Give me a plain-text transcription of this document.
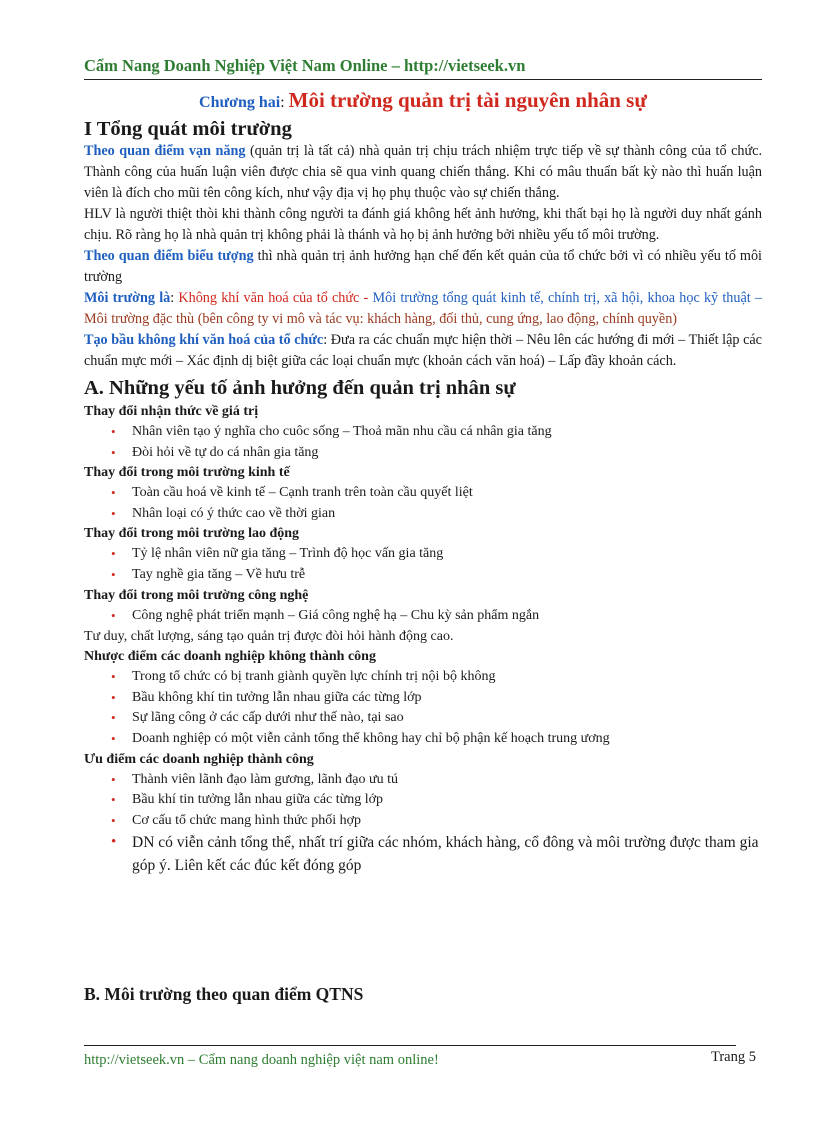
Cẩm Nang Doanh Nghiệp Việt Nam Online – http://vietseek.vn
Chương hai: Môi trường quản trị tài nguyên nhân sự
I Tổng quát môi trường

Theo quan điểm vạn năng (quản trị là tất cả) nhà quản trị chịu trách nhiệm trực tiếp về sự thành công của tổ chức. Thành công của huấn luận viên được chia sẽ qua vinh quang chiến thắng. Khi có mâu thuẩn bất kỳ nào thì huấn luận viên là đích cho mũi tên công kích, như vậy địa vị họ phụ thuộc vào sự chiến thắng.

HLV là người thiệt thòi khi thành công người ta đánh giá không hết ảnh hưởng, khi thất bại họ là người duy nhất gánh chịu. Rõ ràng họ là nhà quản trị không phải là thánh và họ bị ảnh hưởng bởi nhiều yếu tố môi trường.

Theo quan điểm biểu tượng thì nhà quản trị ảnh hưởng hạn chế đến kết quản của tổ chức bởi vì có nhiều yếu tố môi trường

Môi trường là: Không khí văn hoá của tổ chức - Môi trường tổng quát kinh tế, chính trị, xã hội, khoa học kỹ thuật – Môi trường đặc thù (bên công ty vi mô và tác vụ: khách hàng, đối thủ, cung ứng, lao động, chính quyền)

Tạo bầu không khí văn hoá của tổ chức: Đưa ra các chuẩn mực hiện thời – Nêu lên các hướng đi mới – Thiết lập các chuẩn mực mới – Xác định dị biệt giữa các loại chuẩn mực (khoản cách văn hoá) – Lấp đầy khoản cách.

A. Những yếu tố ảnh hưởng đến quản trị nhân sự

Thay đổi nhận thức về giá trị

• Nhân viên tạo ý nghĩa cho cuôc sống – Thoả mãn nhu cầu cá nhân gia tăng
• Đòi hỏi về tự do cá nhân gia tăng

Thay đổi trong môi trường kinh tế

• Toàn cầu hoá về kinh tế – Cạnh tranh trên toàn cầu quyết liệt
• Nhân loại có ý thức cao về thời gian

Thay đổi trong môi trường lao động

• Tỷ lệ nhân viên nữ gia tăng – Trình độ học vấn gia tăng
• Tay nghề gia tăng – Về hưu trễ

Thay đổi trong môi trường công nghệ

• Công nghệ phát triển mạnh – Giá công nghệ hạ – Chu kỳ sản phẩm ngắn

Tư duy, chất lượng, sáng tạo quản trị được đòi hỏi hành động cao.

Nhược điểm các doanh nghiệp không thành công

• Trong tổ chức có bị tranh giành quyền lực chính trị nội bộ không
• Bầu không khí tin tưởng lẫn nhau giữa các từng lớp
• Sự lãng công ở các cấp dưới như thế nào, tại sao
• Doanh nghiệp có một viễn cảnh tổng thể không hay chỉ bộ phận kế hoạch trung ương

Ưu điểm các doanh nghiệp thành công

• Thành viên lãnh đạo làm gương, lãnh đạo ưu tú
• Bầu khí tin tưởng lẫn nhau giữa các từng lớp
• Cơ cấu tổ chức mang hình thức phối hợp
• DN có viễn cảnh tổng thể, nhất trí giữa các nhóm, khách hàng, cổ đông và môi trường được tham gia góp ý. Liên kết các đúc kết đóng góp
B. Môi trường theo quan điểm QTNS
http://vietseek.vn – Cẩm nang doanh nghiệp việt nam online!	Trang 5
